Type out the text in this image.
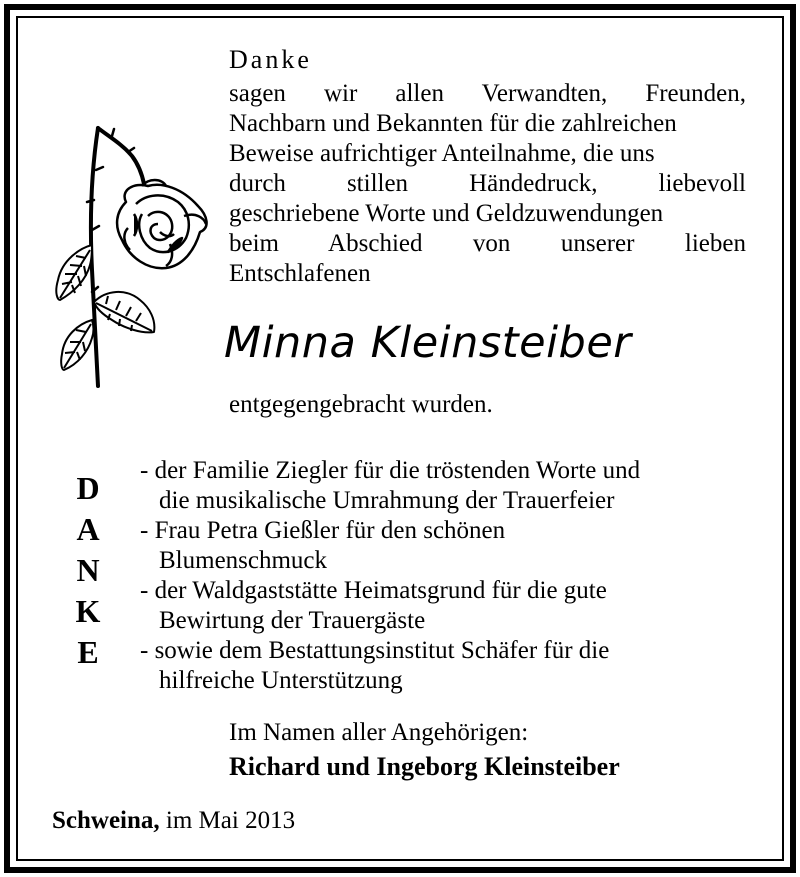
Danke
sagen wir allen Verwandten, Freunden,
Nachbarn und Bekannten für die zahlreichen
Beweise aufrichtiger Anteilnahme, die uns
durch stillen Händedruck, liebevoll
geschriebene Worte und Geldzuwendungen
beim Abschied von unserer lieben
Entschlafenen
Minna Kleinsteiber
entgegengebracht wurden.
D
A
N
K
E
- der Familie Ziegler für die tröstenden Worte und
die musikalische Umrahmung der Trauerfeier
- Frau Petra Gießler für den schönen
Blumenschmuck
- der Waldgaststätte Heimatsgrund für die gute
Bewirtung der Trauergäste
- sowie dem Bestattungsinstitut Schäfer für die
hilfreiche Unterstützung
Im Namen aller Angehörigen:
Richard und Ingeborg Kleinsteiber
Schweina, im Mai 2013
